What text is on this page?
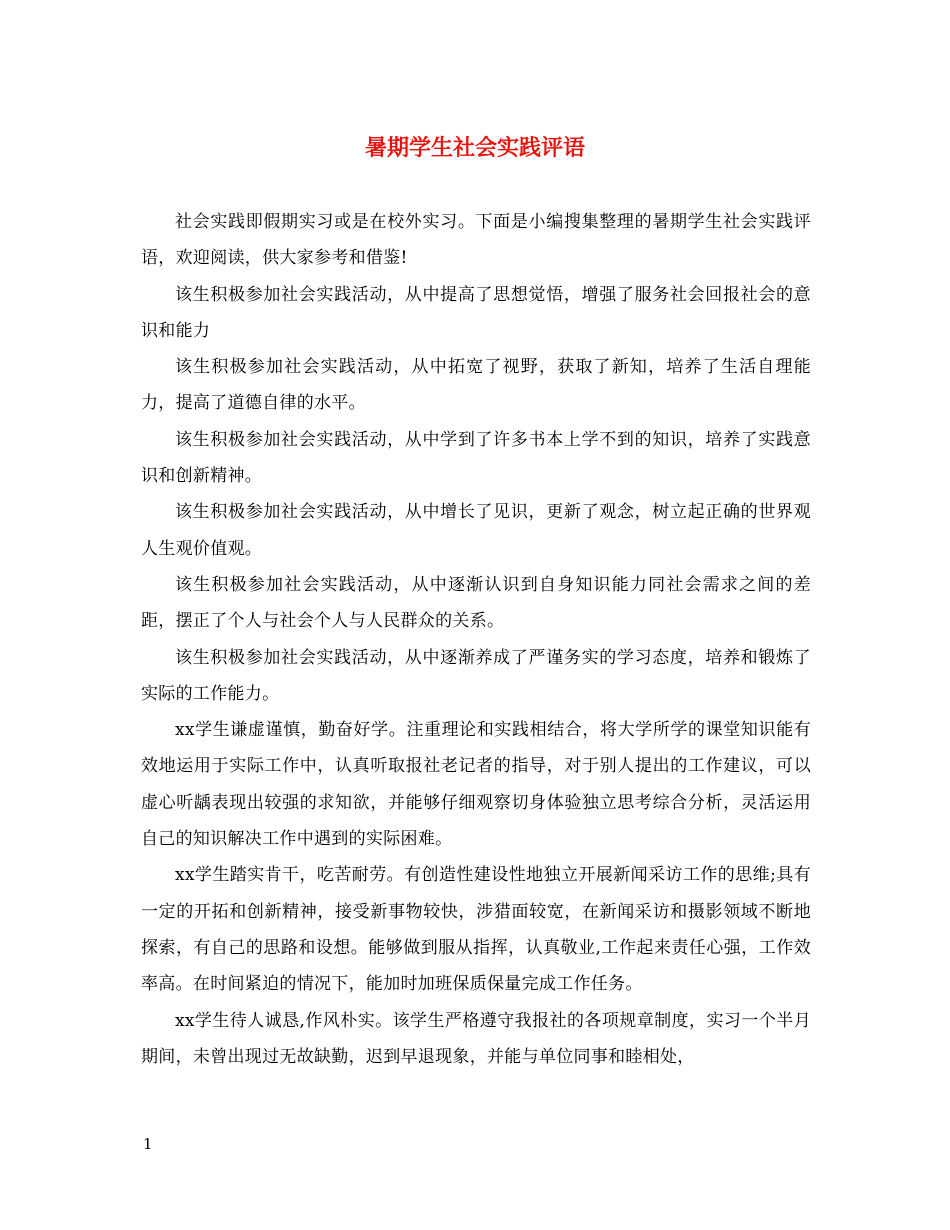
暑期学生社会实践评语

社会实践即假期实习或是在校外实习。下面是小编搜集整理的暑期学生社会实践评语，欢迎阅读，供大家参考和借鉴!

该生积极参加社会实践活动，从中提高了思想觉悟，增强了服务社会回报社会的意识和能力

该生积极参加社会实践活动，从中拓宽了视野，获取了新知，培养了生活自理能力，提高了道德自律的水平。

该生积极参加社会实践活动，从中学到了许多书本上学不到的知识，培养了实践意识和创新精神。

该生积极参加社会实践活动，从中增长了见识，更新了观念，树立起正确的世界观人生观价值观。

该生积极参加社会实践活动，从中逐渐认识到自身知识能力同社会需求之间的差距，摆正了个人与社会个人与人民群众的关系。

该生积极参加社会实践活动，从中逐渐养成了严谨务实的学习态度，培养和锻炼了实际的工作能力。

xx学生谦虚谨慎，勤奋好学。注重理论和实践相结合，将大学所学的课堂知识能有效地运用于实际工作中，认真听取报社老记者的指导，对于别人提出的工作建议，可以虚心听龋表现出较强的求知欲，并能够仔细观察切身体验独立思考综合分析，灵活运用自己的知识解决工作中遇到的实际困难。

xx学生踏实肯干，吃苦耐劳。有创造性建设性地独立开展新闻采访工作的思维;具有一定的开拓和创新精神，接受新事物较快，涉猎面较宽，在新闻采访和摄影领域不断地探索，有自己的思路和设想。能够做到服从指挥，认真敬业,工作起来责任心强，工作效率高。在时间紧迫的情况下，能加时加班保质保量完成工作任务。

xx学生待人诚恳,作风朴实。该学生严格遵守我报社的各项规章制度，实习一个半月期间，未曾出现过无故缺勤，迟到早退现象，并能与单位同事和睦相处，

1
